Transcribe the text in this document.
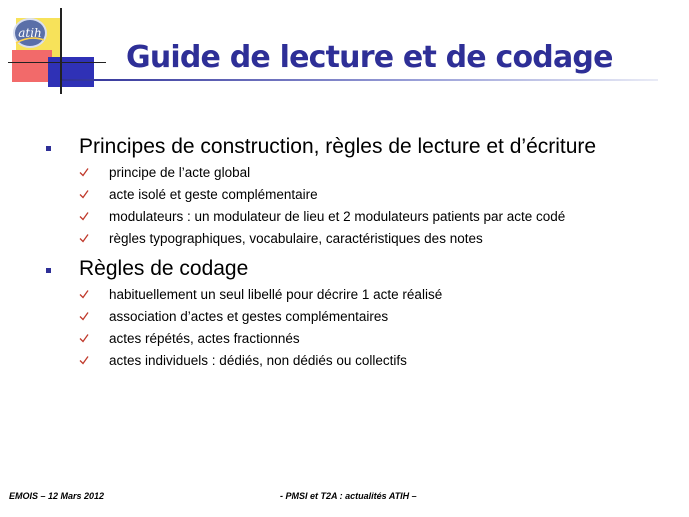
atih
Guide de lecture et de codage
Principes de construction, règles de lecture et d’écriture
principe de l’acte global
acte isolé et geste complémentaire
modulateurs : un modulateur de lieu et 2 modulateurs patients par acte codé
règles typographiques, vocabulaire, caractéristiques des notes
Règles de codage
habituellement un seul libellé pour décrire 1 acte réalisé
association d’actes et gestes complémentaires
actes répétés, actes fractionnés
actes individuels : dédiés, non dédiés ou collectifs
EMOIS – 12 Mars 2012	- PMSI et T2A : actualités ATIH –
